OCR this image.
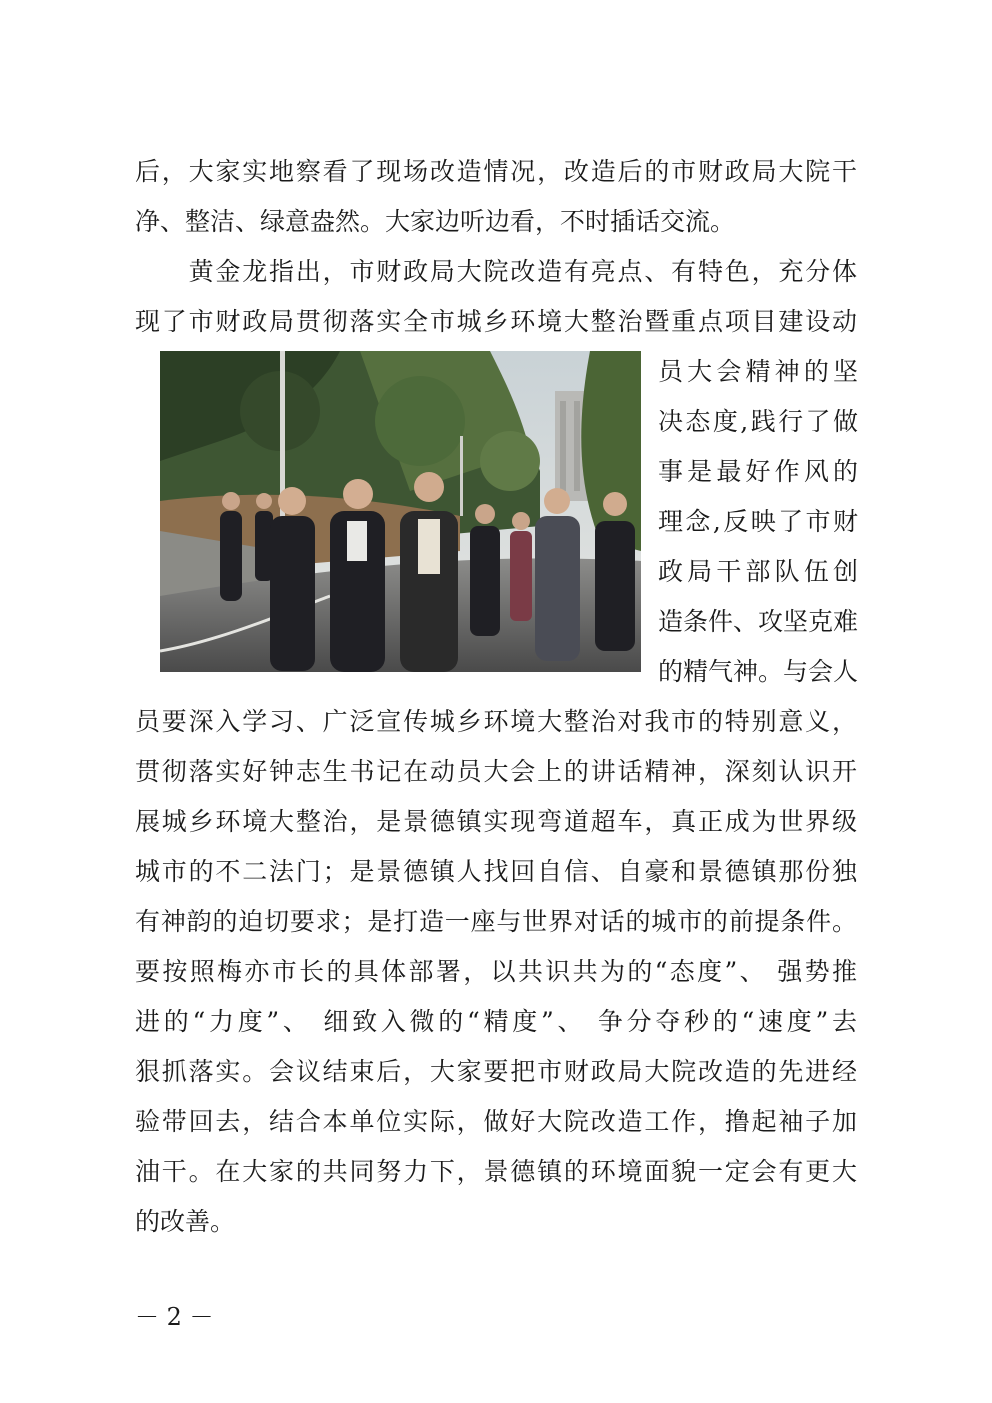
后，大家实地察看了现场改造情况，改造后的市财政局大院干
净、整洁、绿意盎然。大家边听边看，不时插话交流。
　　黄金龙指出，市财政局大院改造有亮点、有特色，充分体
现了市财政局贯彻落实全市城乡环境大整治暨重点项目建设动
员大会精神的坚
决态度,践行了做
事是最好作风的
理念,反映了市财
政局干部队伍创
造条件、攻坚克难
的精气神。与会人
员要深入学习、广泛宣传城乡环境大整治对我市的特别意义，
贯彻落实好钟志生书记在动员大会上的讲话精神，深刻认识开
展城乡环境大整治，是景德镇实现弯道超车，真正成为世界级
城市的不二法门；是景德镇人找回自信、自豪和景德镇那份独
有神韵的迫切要求；是打造一座与世界对话的城市的前提条件。
要按照梅亦市长的具体部署，以共识共为的“态度”、 强势推
进的“力度”、 细致入微的“精度”、 争分夺秒的“速度”去
狠抓落实。会议结束后，大家要把市财政局大院改造的先进经
验带回去，结合本单位实际，做好大院改造工作，撸起袖子加
油干。在大家的共同努力下，景德镇的环境面貌一定会有更大
的改善。
－ 2 －
